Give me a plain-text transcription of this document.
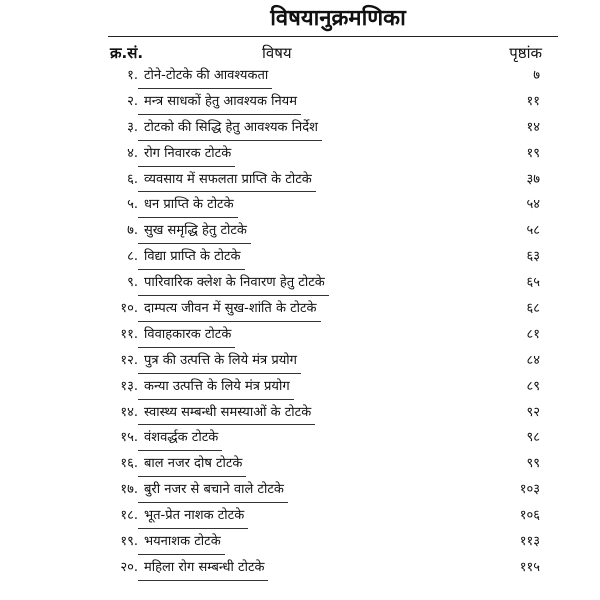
विषयानुक्रमणिका
क्र.सं.	विषय	पृष्ठांक
१. टोने-टोटके की आवश्यकता	७
२. मन्त्र साधकों हेतु आवश्यक नियम	११
३. टोटको की सिद्धि हेतु आवश्यक निर्देश	१४
४. रोग निवारक टोटके	१९
६. व्यवसाय में सफलता प्राप्ति के टोटके	३७
५. धन प्राप्ति के टोटके	५४
७. सुख समृद्धि हेतु टोटके	५८
८. विद्या प्राप्ति के टोटके	६३
९. पारिवारिक क्लेश के निवारण हेतु टोटके	६५
१०. दाम्पत्य जीवन में सुख-शांति के टोटके	६८
११. विवाहकारक टोटके	८१
१२. पुत्र की उत्पत्ति के लिये मंत्र प्रयोग	८४
१३. कन्या उत्पत्ति के लिये मंत्र प्रयोग	८९
१४. स्वास्थ्य सम्बन्धी समस्याओं के टोटके	९२
१५. वंशवर्द्धक टोटके	९८
१६. बाल नजर दोष टोटके	९९
१७. बुरी नजर से बचाने वाले टोटके	१०३
१८. भूत-प्रेत नाशक टोटके	१०६
१९. भयनाशक टोटके	११३
२०. महिला रोग सम्बन्धी टोटके	११५
